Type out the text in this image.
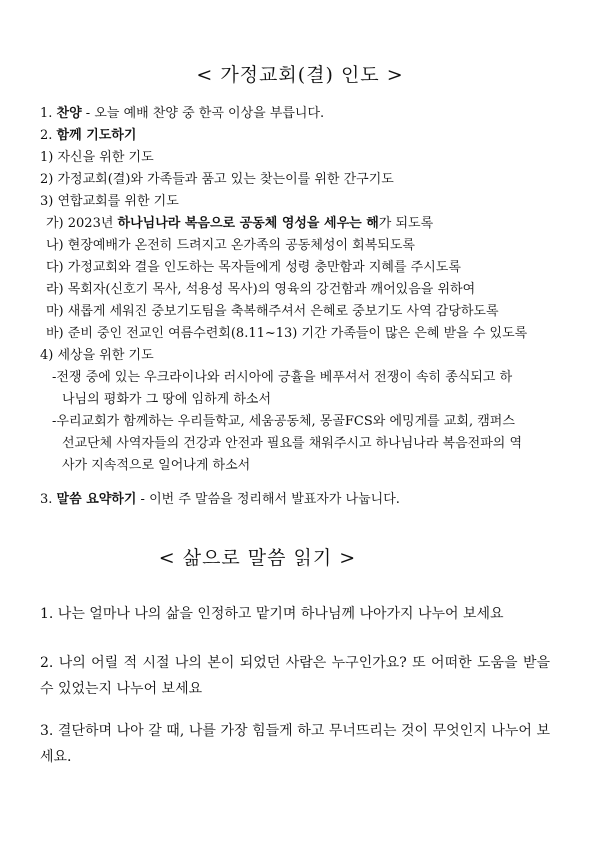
< 가정교회(결) 인도 >
1. 찬양 - 오늘 예배 찬양 중 한곡 이상을 부릅니다.
2. 함께 기도하기
1) 자신을 위한 기도
2) 가정교회(결)와 가족들과 품고 있는 찾는이를 위한 간구기도
3) 연합교회를 위한 기도
가) 2023년 하나님나라 복음으로 공동체 영성을 세우는 해가 되도록
나) 현장예배가 온전히 드려지고 온가족의 공동체성이 회복되도록
다) 가정교회와 결을 인도하는 목자들에게 성령 충만함과 지혜를 주시도록
라) 목회자(신호기 목사, 석용성 목사)의 영육의 강건함과 깨어있음을 위하여
마) 새롭게 세워진 중보기도팀을 축복해주셔서 은혜로 중보기도 사역 감당하도록
바) 준비 중인 전교인 여름수련회(8.11~13) 기간 가족들이 많은 은혜 받을 수 있도록
4) 세상을 위한 기도
-전쟁 중에 있는 우크라이나와 러시아에 긍휼을 베푸셔서 전쟁이 속히 종식되고 하
나님의 평화가 그 땅에 임하게 하소서
-우리교회가 함께하는 우리들학교, 세움공동체, 몽골FCS와 에밍게를 교회, 캠퍼스
선교단체 사역자들의 건강과 안전과 필요를 채워주시고 하나님나라 복음전파의 역
사가 지속적으로 일어나게 하소서
3. 말씀 요약하기 - 이번 주 말씀을 정리해서 발표자가 나눕니다.
< 삶으로 말씀 읽기 >
1. 나는 얼마나 나의 삶을 인정하고 맡기며 하나님께 나아가지 나누어 보세요
2. 나의 어릴 적 시절 나의 본이 되었던 사람은 누구인가요? 또 어떠한 도움을 받을 수 있었는지 나누어 보세요
3. 결단하며 나아 갈 때, 나를 가장 힘들게 하고 무너뜨리는 것이 무엇인지 나누어 보세요.
